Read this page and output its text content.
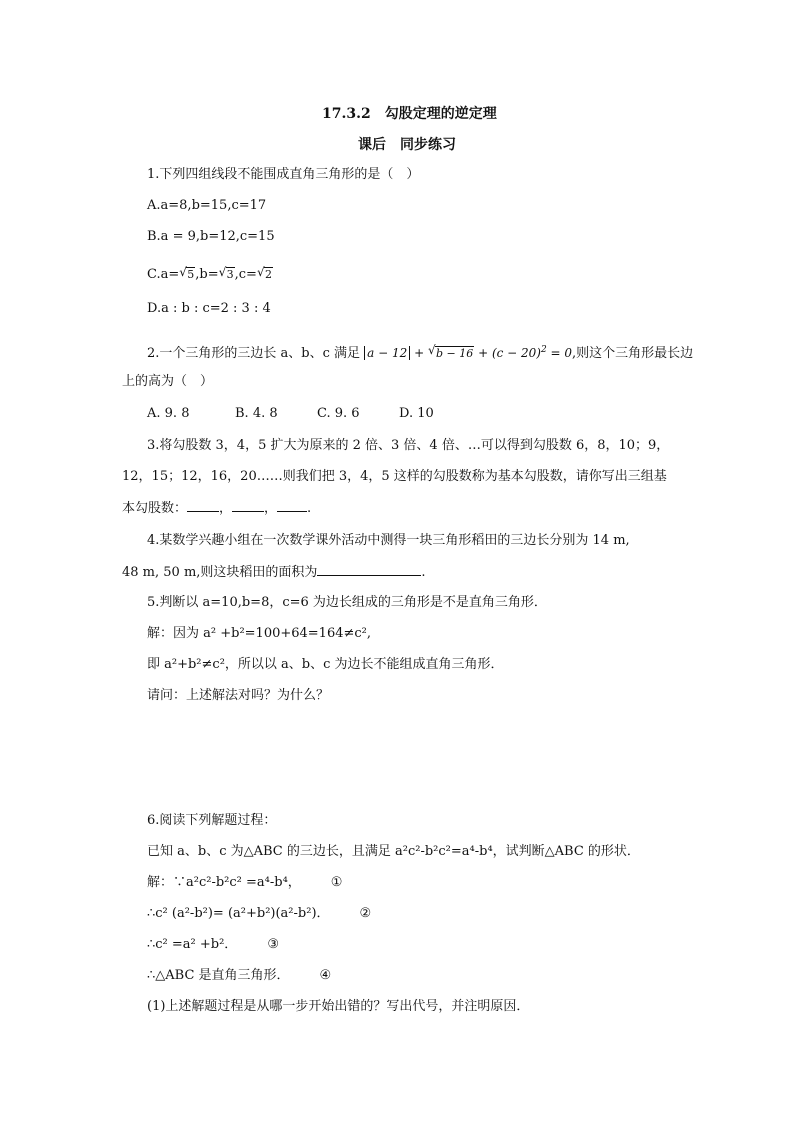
17.3.2　勾股定理的逆定理
课后　同步练习
1.下列四组线段不能围成直角三角形的是（　）
A.a=8,b=15,c=17
B.a = 9,b=12,c=15
C.a= √ 5,b= √ 3,c= √ 2
D.a : b : c=2 : 3 : 4
2.一个三角形的三边长 a、b、c 满足 a − 12 + √ $b - 16 + (c - 20)^2 = 0$,则这个三角形最长边
上的高为（　）
A. 9. 8	B. 4. 8	C. 9. 6	D. 10
3.将勾股数 3，4，5 扩大为原来的 2 倍、3 倍、4 倍、…可以得到勾股数 6，8，10；9，
12，15；12，16，20……则我们把 3，4，5 这样的勾股数称为基本勾股数，请你写出三组基
本勾股数： ， ， .
4.某数学兴趣小组在一次数学课外活动中测得一块三角形稻田的三边长分别为 14 m,
48 m, 50 m,则这块稻田的面积为	.
5.判断以 a=10,b=8，c=6 为边长组成的三角形是不是直角三角形．
解：因为 a² +b²=100+64=164≠c²,
即 a²+b²≠c²，所以以 a、b、c 为边长不能组成直角三角形．
请问：上述解法对吗？为什么？
6.阅读下列解题过程：
已知 a、b、c 为△ABC 的三边长，且满足 a²c²-b²c²=a⁴-b⁴，试判断△ABC 的形状．
解：∵a²c²-b²c² =a⁴-b⁴， ①
∴c² (a²-b²)= (a²+b²)(a²-b²)． ②
∴c² =a² +b²． ③
∴△ABC 是直角三角形． ④
(1)上述解题过程是从哪一步开始出错的？写出代号，并注明原因．
